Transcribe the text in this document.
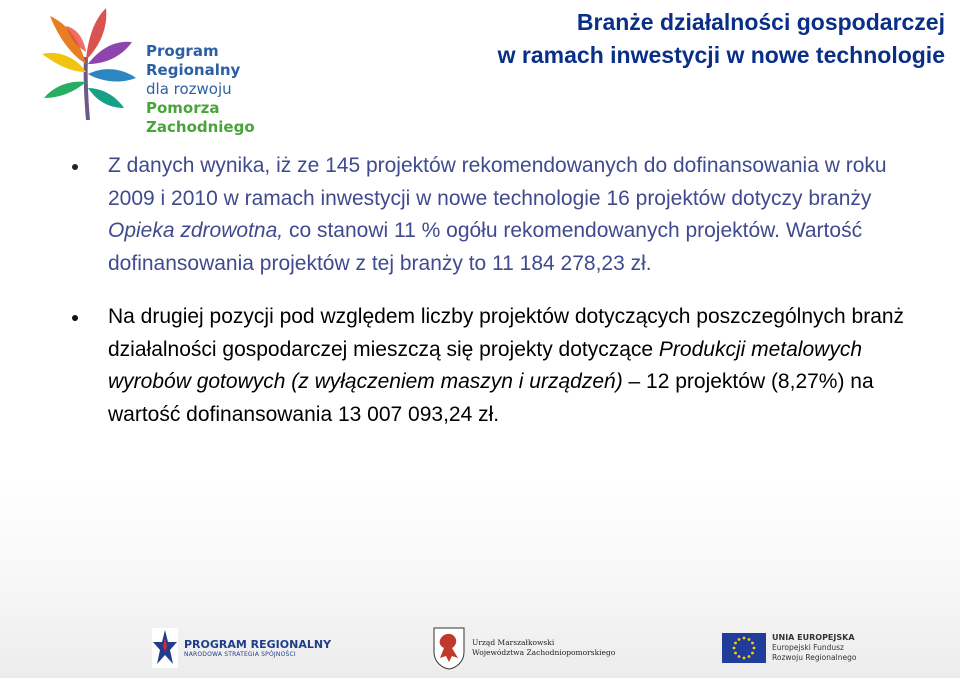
Program Regionalny
dla rozwoju
Pomorza Zachodniego
Branże działalności gospodarczej
w ramach inwestycji w nowe technologie
Z danych wynika, iż ze 145 projektów rekomendowanych do dofinansowania w roku 2009 i 2010 w ramach inwestycji w nowe technologie 16 projektów dotyczy branży Opieka zdrowotna, co stanowi 11 % ogółu rekomendowanych projektów. Wartość dofinansowania projektów z tej branży to 11 184 278,23 zł.
Na drugiej pozycji pod względem liczby projektów dotyczących poszczególnych branż działalności gospodarczej mieszczą się projekty dotyczące Produkcji metalowych wyrobów gotowych (z wyłączeniem maszyn i urządzeń) – 12 projektów (8,27%) na wartość dofinansowania 13 007 093,24 zł.
PROGRAM REGIONALNY
NARODOWA STRATEGIA SPÓJNOŚCI
Urząd Marszałkowski
Województwa Zachodniopomorskiego
UNIA EUROPEJSKA
Europejski Fundusz
Rozwoju Regionalnego
